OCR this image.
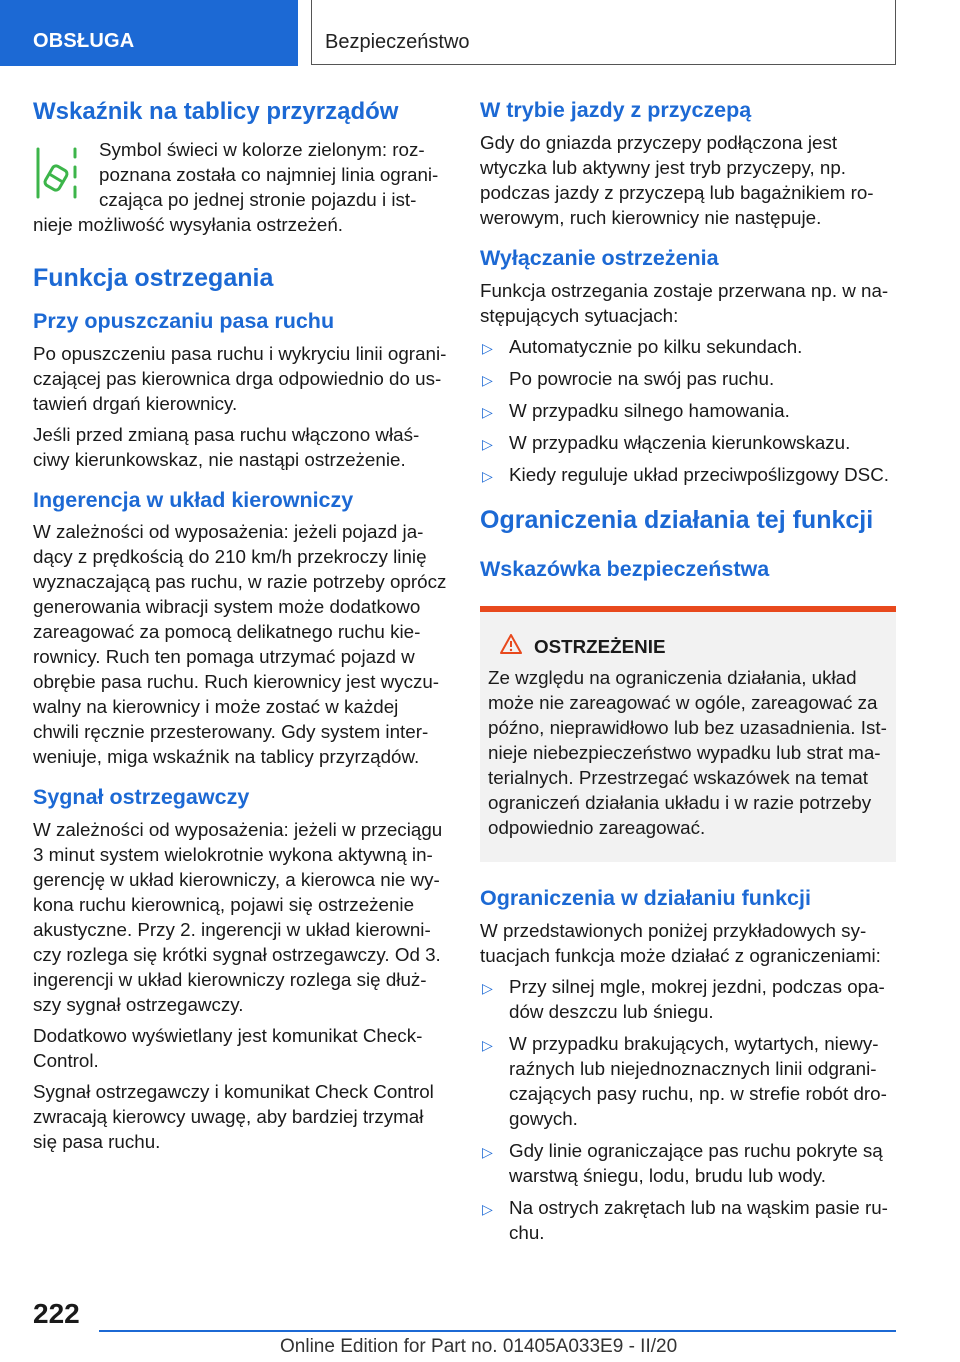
OBSŁUGA	Bezpieczeństwo
Wskaźnik na tablicy przyrządów

Symbol świeci w kolorze zielonym: roz- poznana została co najmniej linia ograni- czająca po jednej stronie pojazdu i ist- nieje możliwość wysyłania ostrzeżeń.

Funkcja ostrzegania
Przy opuszczaniu pasa ruchu

Po opuszczeniu pasa ruchu i wykryciu linii ograni- czającej pas kierownica drga odpowiednio do us- tawień drgań kierownicy.

Jeśli przed zmianą pasa ruchu włączono właś- ciwy kierunkowskaz, nie nastąpi ostrzeżenie.

Ingerencja w układ kierowniczy

W zależności od wyposażenia: jeżeli pojazd ja- dący z prędkością do 210 km/h przekroczy linię wyznaczającą pas ruchu, w razie potrzeby oprócz generowania wibracji system może dodatkowo zareagować za pomocą delikatnego ruchu kie- rownicy. Ruch ten pomaga utrzymać pojazd w obrębie pasa ruchu. Ruch kierownicy jest wyczu- walny na kierownicy i może zostać w każdej chwili ręcznie przesterowany. Gdy system inter- weniuje, miga wskaźnik na tablicy przyrządów.

Sygnał ostrzegawczy

W zależności od wyposażenia: jeżeli w przeciągu 3 minut system wielokrotnie wykona aktywną in- gerencję w układ kierowniczy, a kierowca nie wy- kona ruchu kierownicą, pojawi się ostrzeżenie akustyczne. Przy 2. ingerencji w układ kierowni- czy rozlega się krótki sygnał ostrzegawczy. Od 3. ingerencji w układ kierowniczy rozlega się dłuż- szy sygnał ostrzegawczy.

Dodatkowo wyświetlany jest komunikat Check- Control.

Sygnał ostrzegawczy i komunikat Check Control zwracają kierowcy uwagę, aby bardziej trzymał się pasa ruchu.

W trybie jazdy z przyczepą

Gdy do gniazda przyczepy podłączona jest wtyczka lub aktywny jest tryb przyczepy, np. podczas jazdy z przyczepą lub bagażnikiem ro- werowym, ruch kierownicy nie następuje.

Wyłączanie ostrzeżenia

Funkcja ostrzegania zostaje przerwana np. w na- stępujących sytuacjach:

▷ Automatycznie po kilku sekundach.
▷ Po powrocie na swój pas ruchu.
▷ W przypadku silnego hamowania.
▷ W przypadku włączenia kierunkowskazu.
▷ Kiedy reguluje układ przeciwpoślizgowy DSC.
Ograniczenia działania tej funkcji
Wskazówka bezpieczeństwa
OSTRZEŻENIE

Ze względu na ograniczenia działania, układ może nie zareagować w ogóle, zareagować za późno, nieprawidłowo lub bez uzasadnienia. Ist- nieje niebezpieczeństwo wypadku lub strat ma- terialnych. Przestrzegać wskazówek na temat ograniczeń działania układu i w razie potrzeby odpowiednio zareagować.

Ograniczenia w działaniu funkcji

W przedstawionych poniżej przykładowych sy- tuacjach funkcja może działać z ograniczeniami:

▷ Przy silnej mgle, mokrej jezdni, podczas opa- dów deszczu lub śniegu.
▷ W przypadku brakujących, wytartych, niewy- raźnych lub niejednoznacznych linii odgrani- czających pasy ruchu, np. w strefie robót dro- gowych.
▷ Gdy linie ograniczające pas ruchu pokryte są warstwą śniegu, lodu, brudu lub wody.
▷ Na ostrych zakrętach lub na wąskim pasie ru- chu.
222
Online Edition for Part no. 01405A033E9 - II/20
